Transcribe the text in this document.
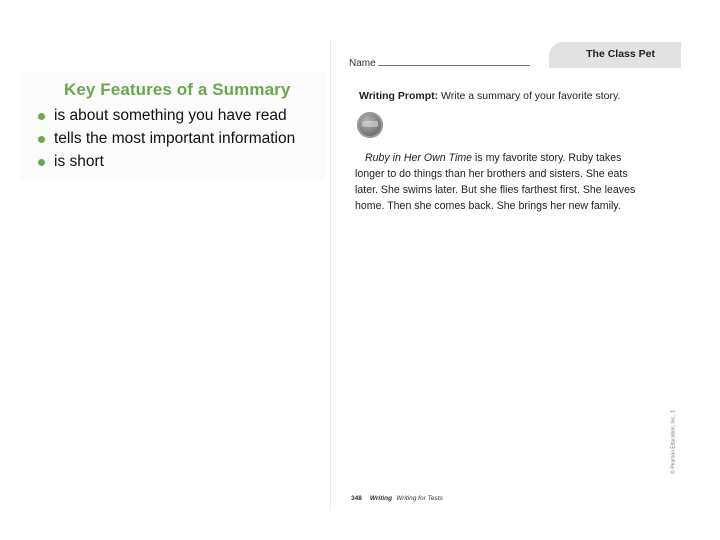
Key Features of a Summary
is about something you have read
tells the most important information
is short
The Class Pet
Name
Writing Prompt: Write a summary of your favorite story.
Ruby in Her Own Time is my favorite story. Ruby takes
longer to do things than her brothers and sisters. She eats
later. She swims later. But she flies farthest first. She leaves
home. Then she comes back. She brings her new family.
© Pearson Education, Inc., 1
348 Writing Writing for Tests
